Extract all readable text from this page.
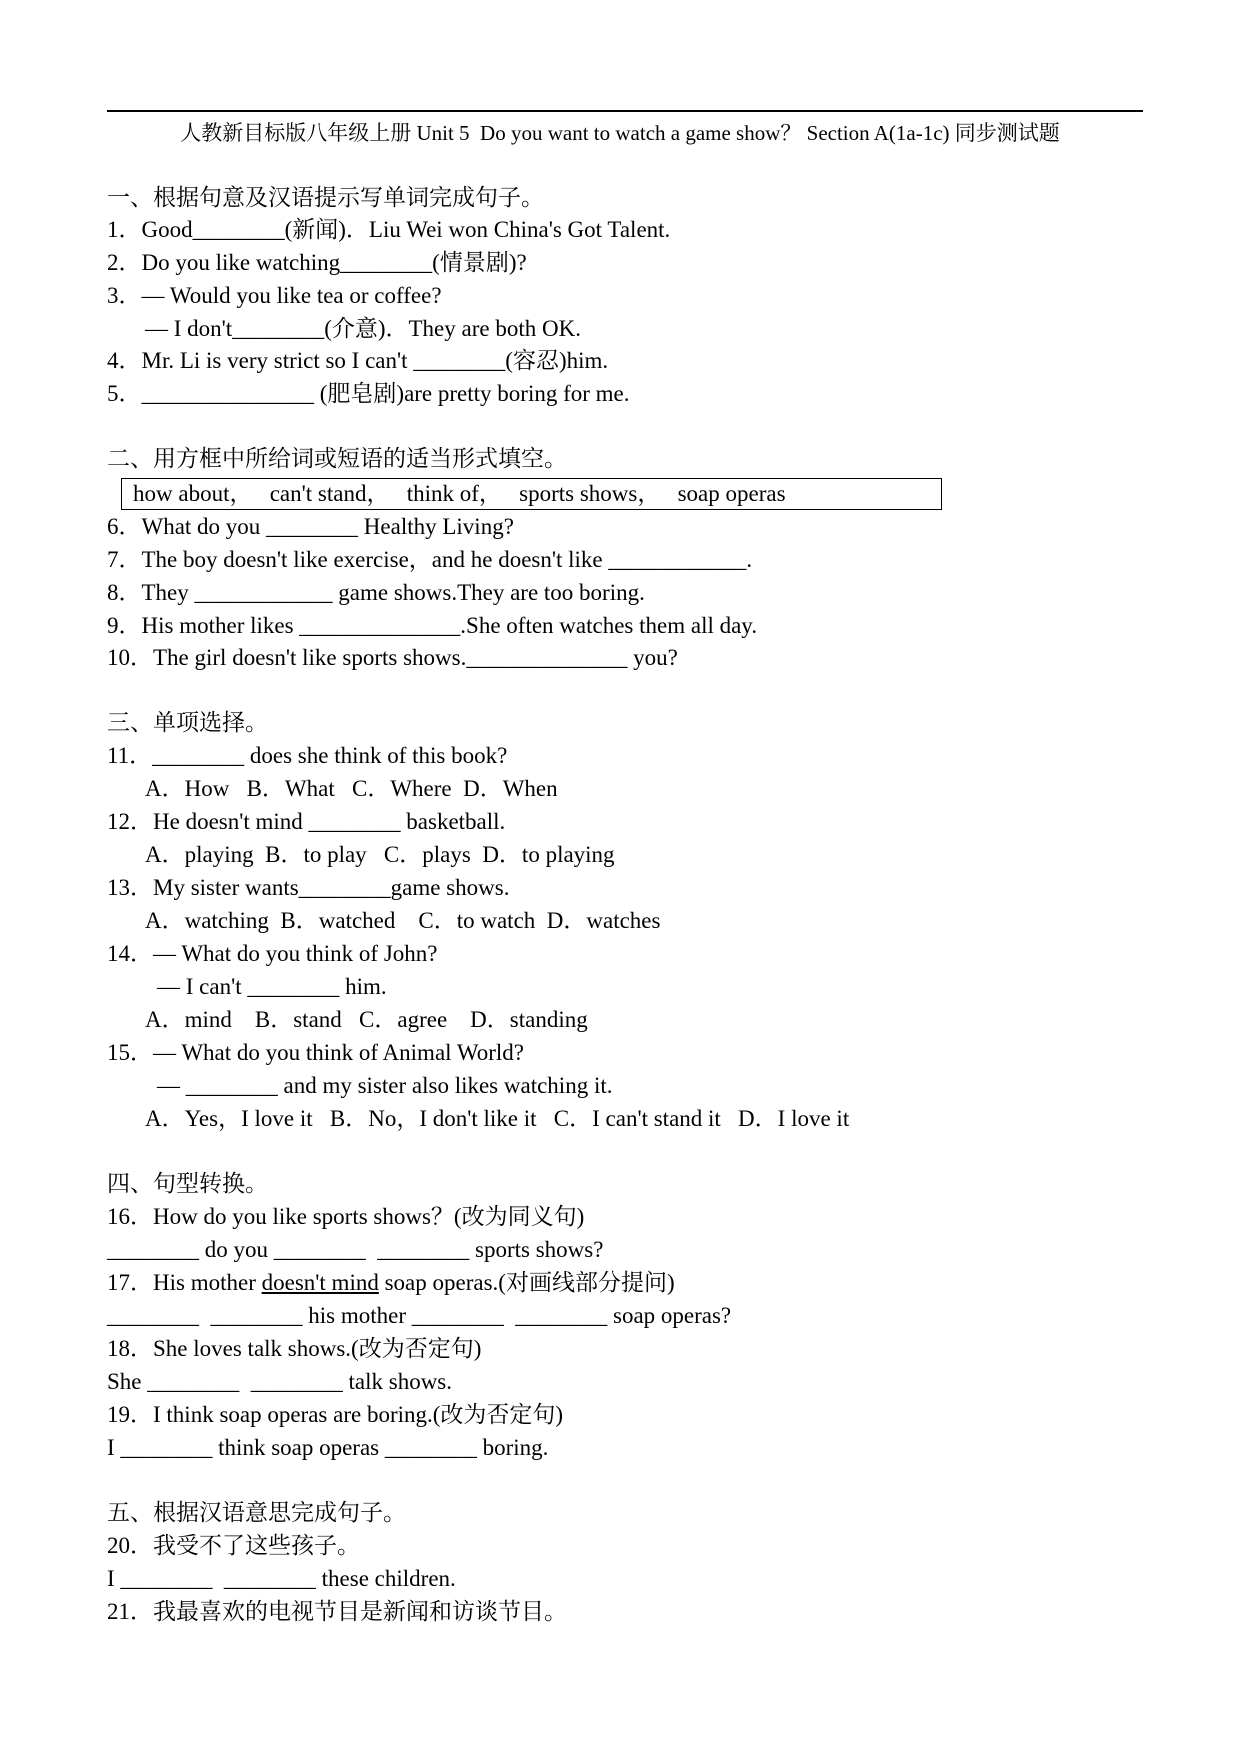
人教新目标版八年级上册 Unit 5  Do you want to watch a game show？ Section A(1a-1c) 同步测试题
一、根据句意及汉语提示写单词完成句子。
1．Good________(新闻)．Liu Wei won China's Got Talent.
2．Do you like watching________(情景剧)?
3．— Would you like tea or coffee?
— I don't________(介意)．They are both OK.
4．Mr. Li is very strict so I can't ________(容忍)him.
5．_______________ (肥皂剧)are pretty boring for me.
二、用方框中所给词或短语的适当形式填空。
how about，   can't stand，   think of，   sports shows，   soap operas
6．What do you ________ Healthy Living?
7．The boy doesn't like exercise，and he doesn't like ____________.
8．They ____________ game shows.They are too boring.
9．His mother likes ______________.She often watches them all day.
10．The girl doesn't like sports shows.______________ you?
三、单项选择。
11．________ does she think of this book?
A．How   B．What   C．Where  D．When
12．He doesn't mind ________ basketball.
A．playing  B．to play   C．plays  D．to playing
13．My sister wants________game shows.
A．watching  B．watched    C．to watch  D．watches
14．— What do you think of John?
— I can't ________ him.
A．mind    B．stand   C．agree    D．standing
15．— What do you think of Animal World?
— ________ and my sister also likes watching it.
A．Yes，I love it   B．No，I don't like it   C．I can't stand it   D．I love it
四、句型转换。
16．How do you like sports shows？(改为同义句)
________ do you ________  ________ sports shows?
17．His mother doesn't mind soap operas.(对画线部分提问)
________  ________ his mother ________  ________ soap operas?
18．She loves talk shows.(改为否定句)
She ________  ________ talk shows.
19．I think soap operas are boring.(改为否定句)
I ________ think soap operas ________ boring.
五、根据汉语意思完成句子。
20．我受不了这些孩子。
I ________  ________ these children.
21．我最喜欢的电视节目是新闻和访谈节目。
